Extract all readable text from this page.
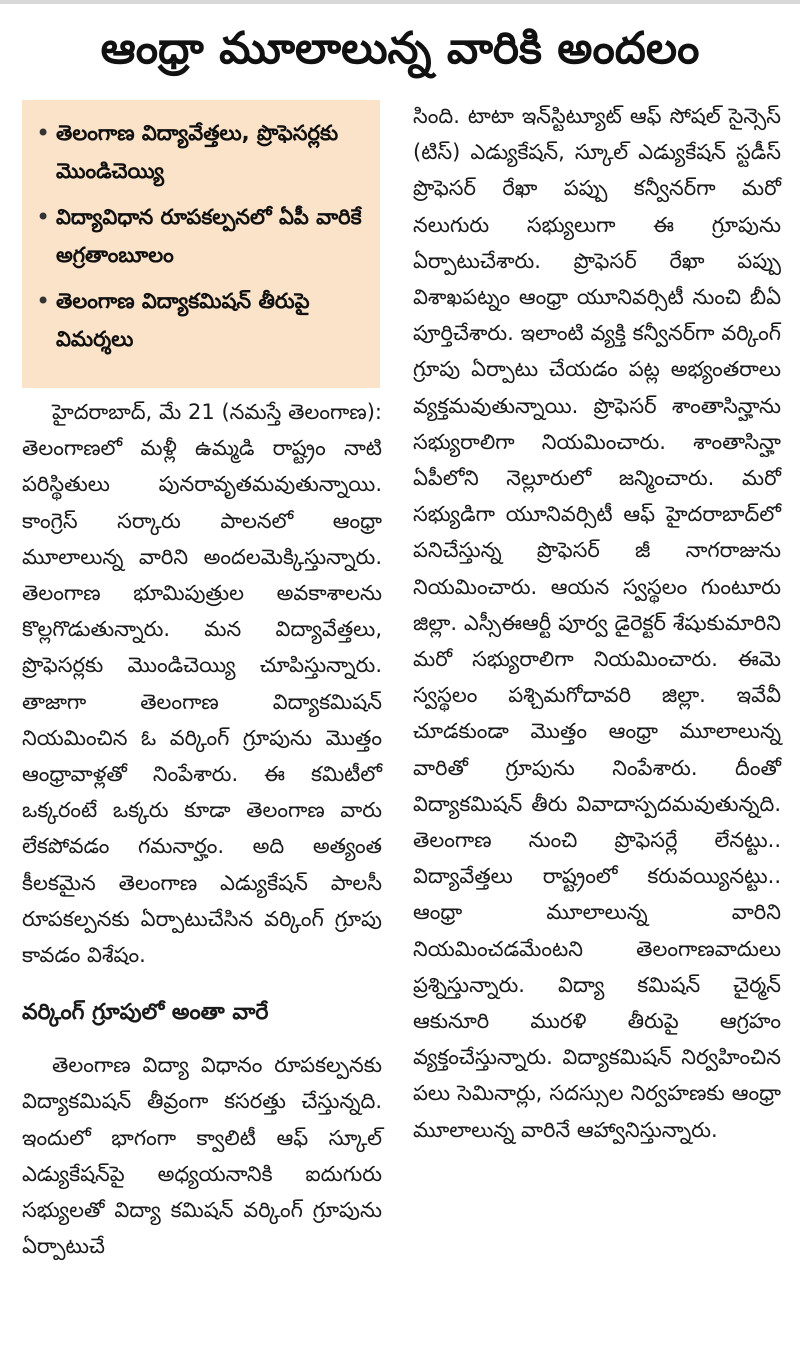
ఆంధ్రా మూలాలున్న వారికి అందలం
• తెలంగాణ విద్యావేత్తలు, ప్రొఫెసర్లకు మొండిచెయ్యి
• విద్యావిధాన రూపకల్పనలో ఏపీ వారికే అగ్రతాంబూలం
• తెలంగాణ విద్యాకమిషన్ తీరుపై విమర్శలు

హైదరాబాద్, మే 21 (నమస్తే తెలంగాణ): తెలంగాణలో మళ్లీ ఉమ్మడి రాష్ట్రం నాటి పరిస్థితులు పునరావృతమవుతున్నాయి. కాంగ్రెస్ సర్కారు పాలనలో ఆంధ్రా మూలాలున్న వారిని అందలమెక్కిస్తున్నారు. తెలంగాణ భూమిపుత్రుల అవకాశాలను కొల్లగొడుతున్నారు. మన విద్యావేత్తలు, ప్రొఫెసర్లకు మొండిచెయ్యి చూపిస్తున్నారు. తాజాగా తెలంగాణ విద్యాకమిషన్ నియమించిన ఓ వర్కింగ్ గ్రూపును మొత్తం ఆంధ్రావాళ్లతో నింపేశారు. ఈ కమిటీలో ఒక్కరంటే ఒక్కరు కూడా తెలంగాణ వారు లేకపోవడం గమనార్హం. అది అత్యంత కీలకమైన తెలంగాణ ఎడ్యుకేషన్ పాలసీ రూపకల్పనకు ఏర్పాటుచేసిన వర్కింగ్ గ్రూపు కావడం విశేషం.

వర్కింగ్ గ్రూపులో అంతా వారే

తెలంగాణ విద్యా విధానం రూపకల్పనకు విద్యాకమిషన్ తీవ్రంగా కసరత్తు చేస్తున్నది. ఇందులో భాగంగా క్వాలిటీ ఆఫ్ స్కూల్ ఎడ్యుకేషన్‌పై అధ్యయనానికి ఐదుగురు సభ్యులతో విద్యా కమిషన్ వర్కింగ్ గ్రూపును ఏర్పాటుచే

సింది. టాటా ఇన్‌స్టిట్యూట్ ఆఫ్ సోషల్ సైన్సెస్ (టిస్) ఎడ్యుకేషన్, స్కూల్ ఎడ్యుకేషన్ స్టడీస్ ప్రొఫెసర్ రేఖా పప్పు కన్వీనర్‌గా మరో నలుగురు సభ్యులుగా ఈ గ్రూపును ఏర్పాటుచేశారు. ప్రొఫెసర్ రేఖా పప్పు విశాఖపట్నం ఆంధ్రా యూనివర్సిటీ నుంచి బీఏ పూర్తిచేశారు. ఇలాంటి వ్యక్తి కన్వీనర్‌గా వర్కింగ్ గ్రూపు ఏర్పాటు చేయడం పట్ల అభ్యంతరాలు వ్యక్తమవుతున్నాయి. ప్రొఫెసర్ శాంతాసిన్హాను సభ్యురాలిగా నియమించారు. శాంతాసిన్హా ఏపీలోని నెల్లూరులో జన్మించారు. మరో సభ్యుడిగా యూనివర్సిటీ ఆఫ్ హైదరాబాద్‌లో పనిచేస్తున్న ప్రొఫెసర్ జీ నాగరాజును నియమించారు. ఆయన స్వస్థలం గుంటూరు జిల్లా. ఎస్సీఈఆర్టీ పూర్వ డైరెక్టర్ శేషుకుమారిని మరో సభ్యురాలిగా నియమించారు. ఈమె స్వస్థలం పశ్చిమగోదావరి జిల్లా. ఇవేవీ చూడకుండా మొత్తం ఆంధ్రా మూలాలున్న వారితో గ్రూపును నింపేశారు. దీంతో విద్యాకమిషన్ తీరు వివాదాస్పదమవుతున్నది. తెలంగాణ నుంచి ప్రొఫెసర్లే లేనట్టు.. విద్యావేత్తలు రాష్ట్రంలో కరువయ్యినట్టు.. ఆంధ్రా మూలాలున్న వారిని నియమించడమేంటని తెలంగాణవాదులు ప్రశ్నిస్తున్నారు. విద్యా కమిషన్ చైర్మన్ ఆకునూరి మురళి తీరుపై ఆగ్రహం వ్యక్తంచేస్తున్నారు. విద్యాకమిషన్ నిర్వహించిన పలు సెమినార్లు, సదస్సుల నిర్వహణకు ఆంధ్రా మూలాలున్న వారినే ఆహ్వానిస్తున్నారు.
